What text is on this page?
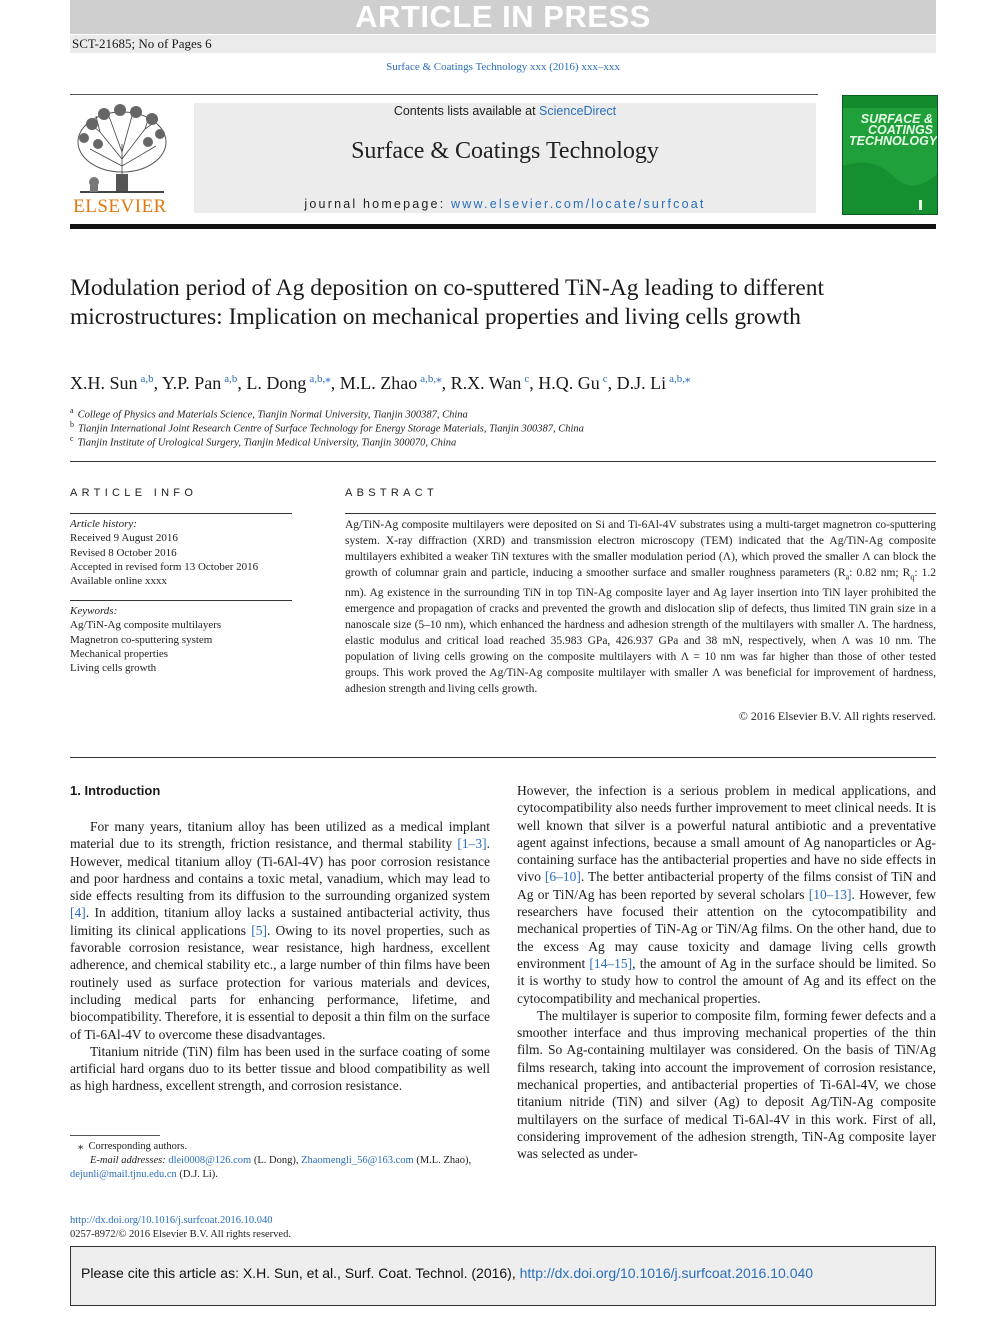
ARTICLE IN PRESS
SCT-21685; No of Pages 6
Surface & Coatings Technology xxx (2016) xxx–xxx
ELSEVIER
Contents lists available at ScienceDirect
Surface & Coatings Technology
journal homepage: www.elsevier.com/locate/surfcoat
SURFACE & COATINGS TECHNOLOGY
Modulation period of Ag deposition on co-sputtered TiN-Ag leading to different microstructures: Implication on mechanical properties and living cells growth
X.H. Sun $^{a,b}$, Y.P. Pan $^{a,b}$, L. Dong $^{a,b,⁎}$, M.L. Zhao $^{a,b,⁎}$, R.X. Wan $^c$, H.Q. Gu $^c$, D.J. Li $^{a,b,⁎}$
$^a$ College of Physics and Materials Science, Tianjin Normal University, Tianjin 300387, China
$^b$ Tianjin International Joint Research Centre of Surface Technology for Energy Storage Materials, Tianjin 300387, China
$^c$ Tianjin Institute of Urological Surgery, Tianjin Medical University, Tianjin 300070, China
ARTICLE INFO
Article history:
Received 9 August 2016
Revised 8 October 2016
Accepted in revised form 13 October 2016
Available online xxxx
Keywords:
Ag/TiN-Ag composite multilayers
Magnetron co-sputtering system
Mechanical properties
Living cells growth
ABSTRACT
Ag/TiN-Ag composite multilayers were deposited on Si and Ti-6Al-4V substrates using a multi-target magnetron co-sputtering system. X-ray diffraction (XRD) and transmission electron microscopy (TEM) indicated that the Ag/TiN-Ag composite multilayers exhibited a weaker TiN textures with the smaller modulation period (Λ), which proved the smaller Λ can block the growth of columnar grain and particle, inducing a smoother surface and smaller roughness parameters ($R_a$: 0.82 nm; $R_q$: 1.2 nm). Ag existence in the surrounding TiN in top TiN-Ag composite layer and Ag layer insertion into TiN layer prohibited the emergence and propagation of cracks and prevented the growth and dislocation slip of defects, thus limited TiN grain size in a nanoscale size (5–10 nm), which enhanced the hardness and adhesion strength of the multilayers with smaller Λ. The hardness, elastic modulus and critical load reached 35.983 GPa, 426.937 GPa and 38 mN, respectively, when Λ was 10 nm. The population of living cells growing on the composite multilayers with Λ = 10 nm was far higher than those of other tested groups. This work proved the Ag/TiN-Ag composite multilayer with smaller Λ was beneficial for improvement of hardness, adhesion strength and living cells growth.
© 2016 Elsevier B.V. All rights reserved.
1. Introduction

For many years, titanium alloy has been utilized as a medical implant material due to its strength, friction resistance, and thermal stability [1–3]. However, medical titanium alloy (Ti-6Al-4V) has poor corrosion resistance and poor hardness and contains a toxic metal, vanadium, which may lead to side effects resulting from its diffusion to the surrounding organized system [4]. In addition, titanium alloy lacks a sustained antibacterial activity, thus limiting its clinical applications [5]. Owing to its novel properties, such as favorable corrosion resistance, wear resistance, high hardness, excellent adherence, and chemical stability etc., a large number of thin films have been routinely used as surface protection for various materials and devices, including medical parts for enhancing performance, lifetime, and biocompatibility. Therefore, it is essential to deposit a thin film on the surface of Ti-6Al-4V to overcome these disadvantages.

Titanium nitride (TiN) film has been used in the surface coating of some artificial hard organs duo to its better tissue and blood compatibility as well as high hardness, excellent strength, and corrosion resistance.

However, the infection is a serious problem in medical applications, and cytocompatibility also needs further improvement to meet clinical needs. It is well known that silver is a powerful natural antibiotic and a preventative agent against infections, because a small amount of Ag nanoparticles or Ag-containing surface has the antibacterial properties and have no side effects in vivo [6–10]. The better antibacterial property of the films consist of TiN and Ag or TiN/Ag has been reported by several scholars [10–13]. However, few researchers have focused their attention on the cytocompatibility and mechanical properties of TiN-Ag or TiN/Ag films. On the other hand, due to the excess Ag may cause toxicity and damage living cells growth environment [14–15], the amount of Ag in the surface should be limited. So it is worthy to study how to control the amount of Ag and its effect on the cytocompatibility and mechanical properties.

The multilayer is superior to composite film, forming fewer defects and a smoother interface and thus improving mechanical properties of the thin film. So Ag-containing multilayer was considered. On the basis of TiN/Ag films research, taking into account the improvement of corrosion resistance, mechanical properties, and antibacterial properties of Ti-6Al-4V, we chose titanium nitride (TiN) and silver (Ag) to deposit Ag/TiN-Ag composite multilayers on the surface of medical Ti-6Al-4V in this work. First of all, considering improvement of the adhesion strength, TiN-Ag composite layer was selected as under-

⁎ Corresponding authors.
E-mail addresses: dlei0008@126.com (L. Dong), Zhaomengli_56@163.com (M.L. Zhao),
dejunli@mail.tjnu.edu.cn (D.J. Li).
http://dx.doi.org/10.1016/j.surfcoat.2016.10.040
0257-8972/© 2016 Elsevier B.V. All rights reserved.
Please cite this article as: X.H. Sun, et al., Surf. Coat. Technol. (2016), http://dx.doi.org/10.1016/j.surfcoat.2016.10.040
